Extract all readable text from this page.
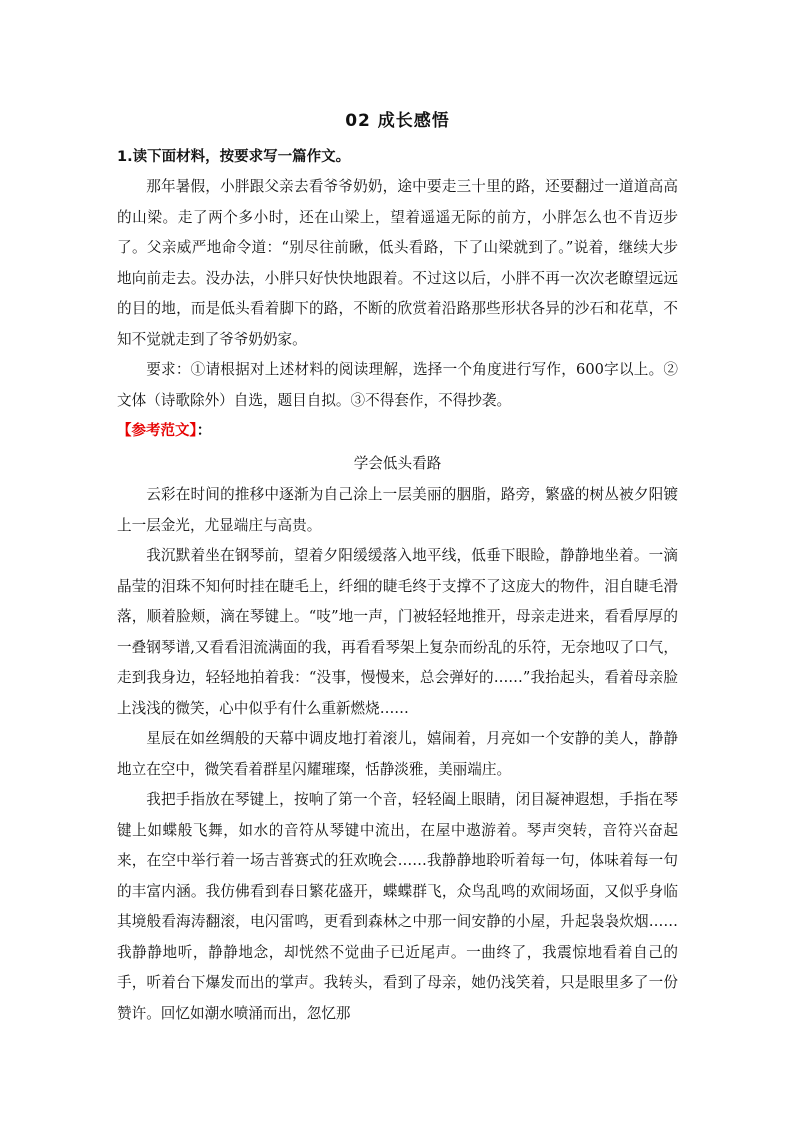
02 成长感悟
1.读下面材料，按要求写一篇作文。

那年暑假，小胖跟父亲去看爷爷奶奶，途中要走三十里的路，还要翻过一道道高高的山梁。走了两个多小时，还在山梁上，望着遥遥无际的前方，小胖怎么也不肯迈步了。父亲威严地命令道：“别尽往前瞅，低头看路，下了山梁就到了。”说着，继续大步地向前走去。没办法，小胖只好快快地跟着。不过这以后，小胖不再一次次老瞭望远远的目的地，而是低头看着脚下的路，不断的欣赏着沿路那些形状各异的沙石和花草，不知不觉就走到了爷爷奶奶家。

要求：①请根据对上述材料的阅读理解，选择一个角度进行写作，600字以上。②文体（诗歌除外）自选，题目自拟。③不得套作，不得抄袭。

【参考范文】：
学会低头看路

云彩在时间的推移中逐渐为自己涂上一层美丽的胭脂，路旁，繁盛的树丛被夕阳镀上一层金光，尤显端庄与高贵。

我沉默着坐在钢琴前，望着夕阳缓缓落入地平线，低垂下眼睑，静静地坐着。一滴晶莹的泪珠不知何时挂在睫毛上，纤细的睫毛终于支撑不了这庞大的物件，泪自睫毛滑落，顺着脸颊，滴在琴键上。“吱”地一声，门被轻轻地推开，母亲走进来，看看厚厚的一叠钢琴谱,又看看泪流满面的我，再看看琴架上复杂而纷乱的乐符，无奈地叹了口气，走到我身边，轻轻地拍着我：“没事，慢慢来，总会弹好的……”我抬起头，看着母亲脸上浅浅的微笑，心中似乎有什么重新燃烧……

星辰在如丝绸般的天幕中调皮地打着滚儿，嬉闹着，月亮如一个安静的美人，静静地立在空中，微笑看着群星闪耀璀璨，恬静淡雅，美丽端庄。

我把手指放在琴键上，按响了第一个音，轻轻阖上眼睛，闭目凝神遐想，手指在琴键上如蝶般飞舞，如水的音符从琴键中流出，在屋中遨游着。琴声突转，音符兴奋起来，在空中举行着一场吉普赛式的狂欢晚会……我静静地聆听着每一句，体味着每一句的丰富内涵。我仿佛看到春日繁花盛开，蝶蝶群飞，众鸟乱鸣的欢闹场面，又似乎身临其境般看海涛翻滚，电闪雷鸣，更看到森林之中那一间安静的小屋，升起袅袅炊烟……我静静地听，静静地念，却恍然不觉曲子已近尾声。一曲终了，我震惊地看着自己的手，听着台下爆发而出的掌声。我转头，看到了母亲，她仍浅笑着，只是眼里多了一份赞许。回忆如潮水喷涌而出，忽忆那
